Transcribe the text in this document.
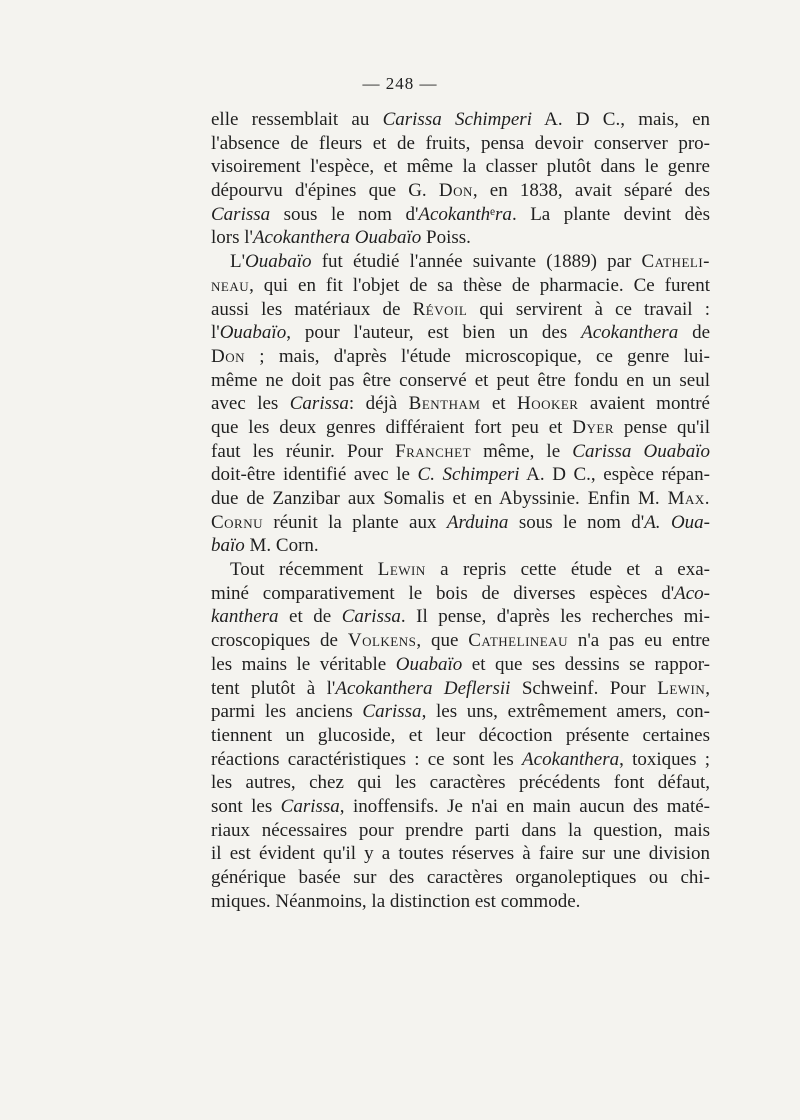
— 248 —
elle ressemblait au Carissa Schimperi A. D C., mais, en
l'absence de fleurs et de fruits, pensa devoir conserver pro-
visoirement l'espèce, et même la classer plutôt dans le genre
dépourvu d'épines que G. Don, en 1838, avait séparé des
Carissa sous le nom d'Acokanthᵉra. La plante devint dès
lors l'Acokanthera Ouabaïo Poiss.
L'Ouabaïo fut étudié l'année suivante (1889) par Catheli-
neau, qui en fit l'objet de sa thèse de pharmacie. Ce furent
aussi les matériaux de Révoil qui servirent à ce travail :
l'Ouabaïo, pour l'auteur, est bien un des Acokanthera de
Don ; mais, d'après l'étude microscopique, ce genre lui-
même ne doit pas être conservé et peut être fondu en un seul
avec les Carissa: déjà Bentham et Hooker avaient montré
que les deux genres différaient fort peu et Dyer pense qu'il
faut les réunir. Pour Franchet même, le Carissa Ouabaïo
doit-être identifié avec le C. Schimperi A. D C., espèce répan-
due de Zanzibar aux Somalis et en Abyssinie. Enfin M. Max.
Cornu réunit la plante aux Arduina sous le nom d'A. Oua-
baïo M. Corn.
Tout récemment Lewin a repris cette étude et a exa-
miné comparativement le bois de diverses espèces d'Aco-
kanthera et de Carissa. Il pense, d'après les recherches mi-
croscopiques de Volkens, que Cathelineau n'a pas eu entre
les mains le véritable Ouabaïo et que ses dessins se rappor-
tent plutôt à l'Acokanthera Deflersii Schweinf. Pour Lewin,
parmi les anciens Carissa, les uns, extrêmement amers, con-
tiennent un glucoside, et leur décoction présente certaines
réactions caractéristiques : ce sont les Acokanthera, toxiques ;
les autres, chez qui les caractères précédents font défaut,
sont les Carissa, inoffensifs. Je n'ai en main aucun des maté-
riaux nécessaires pour prendre parti dans la question, mais
il est évident qu'il y a toutes réserves à faire sur une division
générique basée sur des caractères organoleptiques ou chi-
miques. Néanmoins, la distinction est commode.
